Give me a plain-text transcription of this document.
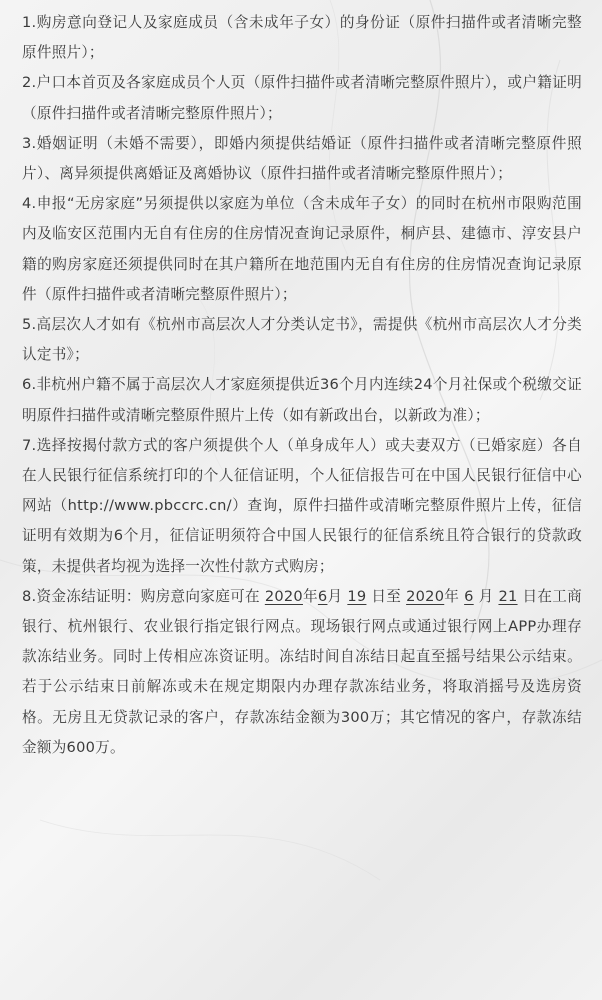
1.购房意向登记人及家庭成员（含未成年子女）的身份证（原件扫描件或者清晰完整原件照片）；

2.户口本首页及各家庭成员个人页（原件扫描件或者清晰完整原件照片），或户籍证明（原件扫描件或者清晰完整原件照片）；

3.婚姻证明（未婚不需要），即婚内须提供结婚证（原件扫描件或者清晰完整原件照片）、离异须提供离婚证及离婚协议（原件扫描件或者清晰完整原件照片）；

4.申报“无房家庭”另须提供以家庭为单位（含未成年子女）的同时在杭州市限购范围内及临安区范围内无自有住房的住房情况查询记录原件，桐庐县、建德市、淳安县户籍的购房家庭还须提供同时在其户籍所在地范围内无自有住房的住房情况查询记录原件（原件扫描件或者清晰完整原件照片）；

5.高层次人才如有《杭州市高层次人才分类认定书》，需提供《杭州市高层次人才分类认定书》；

6.非杭州户籍不属于高层次人才家庭须提供近36个月内连续24个月社保或个税缴交证明原件扫描件或清晰完整原件照片上传（如有新政出台，以新政为准）；

7.选择按揭付款方式的客户须提供个人（单身成年人）或夫妻双方（已婚家庭）各自在人民银行征信系统打印的个人征信证明，个人征信报告可在中国人民银行征信中心网站（http://www.pbccrc.cn/）查询，原件扫描件或清晰完整原件照片上传，征信证明有效期为6个月，征信证明须符合中国人民银行的征信系统且符合银行的贷款政策，未提供者均视为选择一次性付款方式购房；

8.资金冻结证明：购房意向家庭可在 2020年6月 19 日至 2020年 6 月 21 日在工商银行、杭州银行、农业银行指定银行网点。现场银行网点或通过银行网上APP办理存款冻结业务。同时上传相应冻资证明。冻结时间自冻结日起直至摇号结果公示结束。若于公示结束日前解冻或未在规定期限内办理存款冻结业务，将取消摇号及选房资格。无房且无贷款记录的客户，存款冻结金额为300万；其它情况的客户，存款冻结金额为600万。
